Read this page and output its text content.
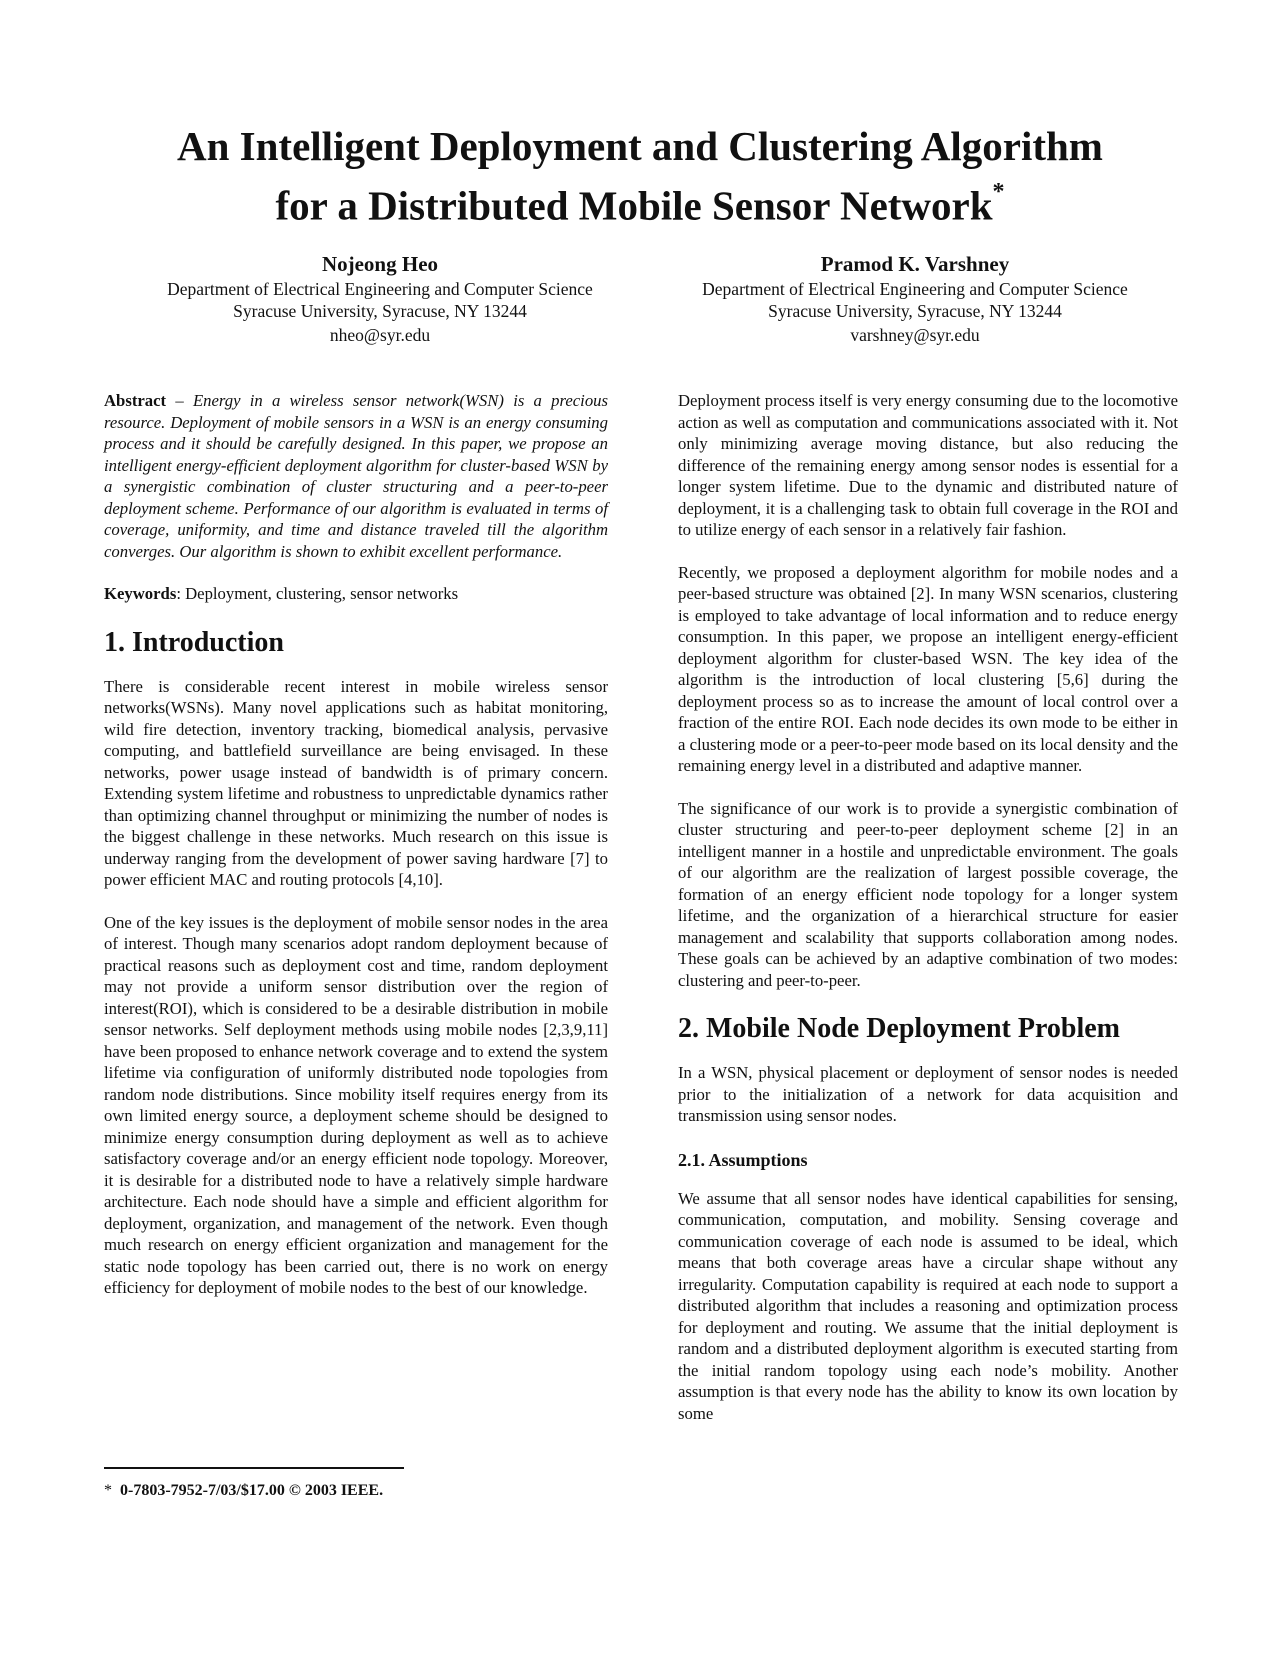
An Intelligent Deployment and Clustering Algorithm
for a Distributed Mobile Sensor Network*
Nojeong Heo
Department of Electrical Engineering and Computer Science
Syracuse University, Syracuse, NY 13244
nheo@syr.edu
Pramod K. Varshney
Department of Electrical Engineering and Computer Science
Syracuse University, Syracuse, NY 13244
varshney@syr.edu

Abstract – Energy in a wireless sensor network(WSN) is a precious resource. Deployment of mobile sensors in a WSN is an energy consuming process and it should be carefully designed. In this paper, we propose an intelligent energy-efficient deployment algorithm for cluster-based WSN by a synergistic combination of cluster structuring and a peer-to-peer deployment scheme. Performance of our algorithm is evaluated in terms of coverage, uniformity, and time and distance traveled till the algorithm converges. Our algorithm is shown to exhibit excellent performance.

Keywords: Deployment, clustering, sensor networks

1. Introduction

There is considerable recent interest in mobile wireless sensor networks(WSNs). Many novel applications such as habitat monitoring, wild fire detection, inventory tracking, biomedical analysis, pervasive computing, and battlefield surveillance are being envisaged. In these networks, power usage instead of bandwidth is of primary concern. Extending system lifetime and robustness to unpredictable dynamics rather than optimizing channel throughput or minimizing the number of nodes is the biggest challenge in these networks. Much research on this issue is underway ranging from the development of power saving hardware [7] to power efficient MAC and routing protocols [4,10].

One of the key issues is the deployment of mobile sensor nodes in the area of interest. Though many scenarios adopt random deployment because of practical reasons such as deployment cost and time, random deployment may not provide a uniform sensor distribution over the region of interest(ROI), which is considered to be a desirable distribution in mobile sensor networks. Self deployment methods using mobile nodes [2,3,9,11] have been proposed to enhance network coverage and to extend the system lifetime via configuration of uniformly distributed node topologies from random node distributions. Since mobility itself requires energy from its own limited energy source, a deployment scheme should be designed to minimize energy consumption during deployment as well as to achieve satisfactory coverage and/or an energy efficient node topology. Moreover, it is desirable for a distributed node to have a relatively simple hardware architecture. Each node should have a simple and efficient algorithm for deployment, organization, and management of the network. Even though much research on energy efficient organization and management for the static node topology has been carried out, there is no work on energy efficiency for deployment of mobile nodes to the best of our knowledge.

Deployment process itself is very energy consuming due to the locomotive action as well as computation and communications associated with it. Not only minimizing average moving distance, but also reducing the difference of the remaining energy among sensor nodes is essential for a longer system lifetime. Due to the dynamic and distributed nature of deployment, it is a challenging task to obtain full coverage in the ROI and to utilize energy of each sensor in a relatively fair fashion.

Recently, we proposed a deployment algorithm for mobile nodes and a peer-based structure was obtained [2]. In many WSN scenarios, clustering is employed to take advantage of local information and to reduce energy consumption. In this paper, we propose an intelligent energy-efficient deployment algorithm for cluster-based WSN. The key idea of the algorithm is the introduction of local clustering [5,6] during the deployment process so as to increase the amount of local control over a fraction of the entire ROI. Each node decides its own mode to be either in a clustering mode or a peer-to-peer mode based on its local density and the remaining energy level in a distributed and adaptive manner.

The significance of our work is to provide a synergistic combination of cluster structuring and peer-to-peer deployment scheme [2] in an intelligent manner in a hostile and unpredictable environment. The goals of our algorithm are the realization of largest possible coverage, the formation of an energy efficient node topology for a longer system lifetime, and the organization of a hierarchical structure for easier management and scalability that supports collaboration among nodes. These goals can be achieved by an adaptive combination of two modes: clustering and peer-to-peer.

2. Mobile Node Deployment Problem

In a WSN, physical placement or deployment of sensor nodes is needed prior to the initialization of a network for data acquisition and transmission using sensor nodes.

2.1. Assumptions

We assume that all sensor nodes have identical capabilities for sensing, communication, computation, and mobility. Sensing coverage and communication coverage of each node is assumed to be ideal, which means that both coverage areas have a circular shape without any irregularity. Computation capability is required at each node to support a distributed algorithm that includes a reasoning and optimization process for deployment and routing. We assume that the initial deployment is random and a distributed deployment algorithm is executed starting from the initial random topology using each node’s mobility. Another assumption is that every node has the ability to know its own location by some

* 0-7803-7952-7/03/$17.00 © 2003 IEEE.
